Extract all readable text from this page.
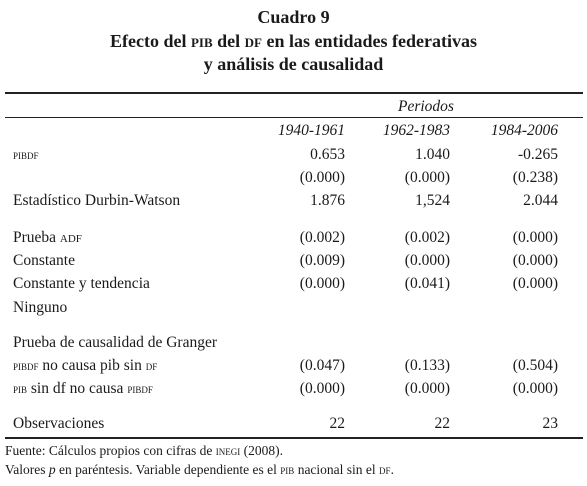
Cuadro 9
Efecto del pib del df en las entidades federativas
y análisis de causalidad
Periodos
1940-1961	1962-1983	1984-2006
pibdf	0.653	1.040	-0.265
(0.000)	(0.000)	(0.238)
Estadístico Durbin-Watson	1.876	1,524	2.044
Prueba adf	(0.002)	(0.002)	(0.000)
Constante	(0.009)	(0.000)	(0.000)
Constante y tendencia	(0.000)	(0.041)	(0.000)
Ninguno
Prueba de causalidad de Granger
pibdf no causa pib sin df	(0.047)	(0.133)	(0.504)
pib sin df no causa pibdf	(0.000)	(0.000)	(0.000)
Observaciones	22	22	23
Fuente: Cálculos propios con cifras de inegi (2008).
Valores p en paréntesis. Variable dependiente es el pib nacional sin el df.
